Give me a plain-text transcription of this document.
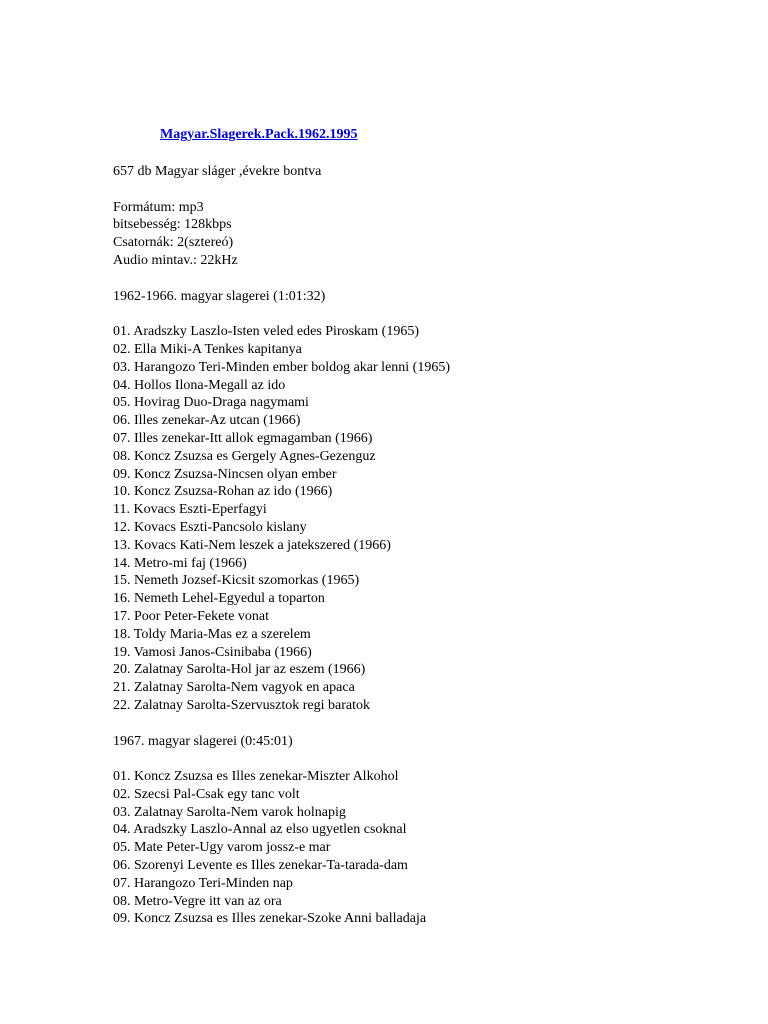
Magyar.Slagerek.Pack.1962.1995
657 db Magyar sláger ,évekre bontva
Formátum: mp3
bitsebesség: 128kbps
Csatornák: 2(sztereó)
Audio mintav.: 22kHz
1962-1966. magyar slagerei (1:01:32)
01. Aradszky Laszlo-Isten veled edes Piroskam (1965)
02. Ella Miki-A Tenkes kapitanya
03. Harangozo Teri-Minden ember boldog akar lenni (1965)
04. Hollos Ilona-Megall az ido
05. Hovirag Duo-Draga nagymami
06. Illes zenekar-Az utcan (1966)
07. Illes zenekar-Itt allok egmagamban (1966)
08. Koncz Zsuzsa es Gergely Agnes-Gezenguz
09. Koncz Zsuzsa-Nincsen olyan ember
10. Koncz Zsuzsa-Rohan az ido (1966)
11. Kovacs Eszti-Eperfagyi
12. Kovacs Eszti-Pancsolo kislany
13. Kovacs Kati-Nem leszek a jatekszered (1966)
14. Metro-mi faj (1966)
15. Nemeth Jozsef-Kicsit szomorkas (1965)
16. Nemeth Lehel-Egyedul a toparton
17. Poor Peter-Fekete vonat
18. Toldy Maria-Mas ez a szerelem
19. Vamosi Janos-Csinibaba (1966)
20. Zalatnay Sarolta-Hol jar az eszem (1966)
21. Zalatnay Sarolta-Nem vagyok en apaca
22. Zalatnay Sarolta-Szervusztok regi baratok
1967. magyar slagerei (0:45:01)
01. Koncz Zsuzsa es Illes zenekar-Miszter Alkohol
02. Szecsi Pal-Csak egy tanc volt
03. Zalatnay Sarolta-Nem varok holnapig
04. Aradszky Laszlo-Annal az elso ugyetlen csoknal
05. Mate Peter-Ugy varom jossz-e mar
06. Szorenyi Levente es Illes zenekar-Ta-tarada-dam
07. Harangozo Teri-Minden nap
08. Metro-Vegre itt van az ora
09. Koncz Zsuzsa es Illes zenekar-Szoke Anni balladaja
